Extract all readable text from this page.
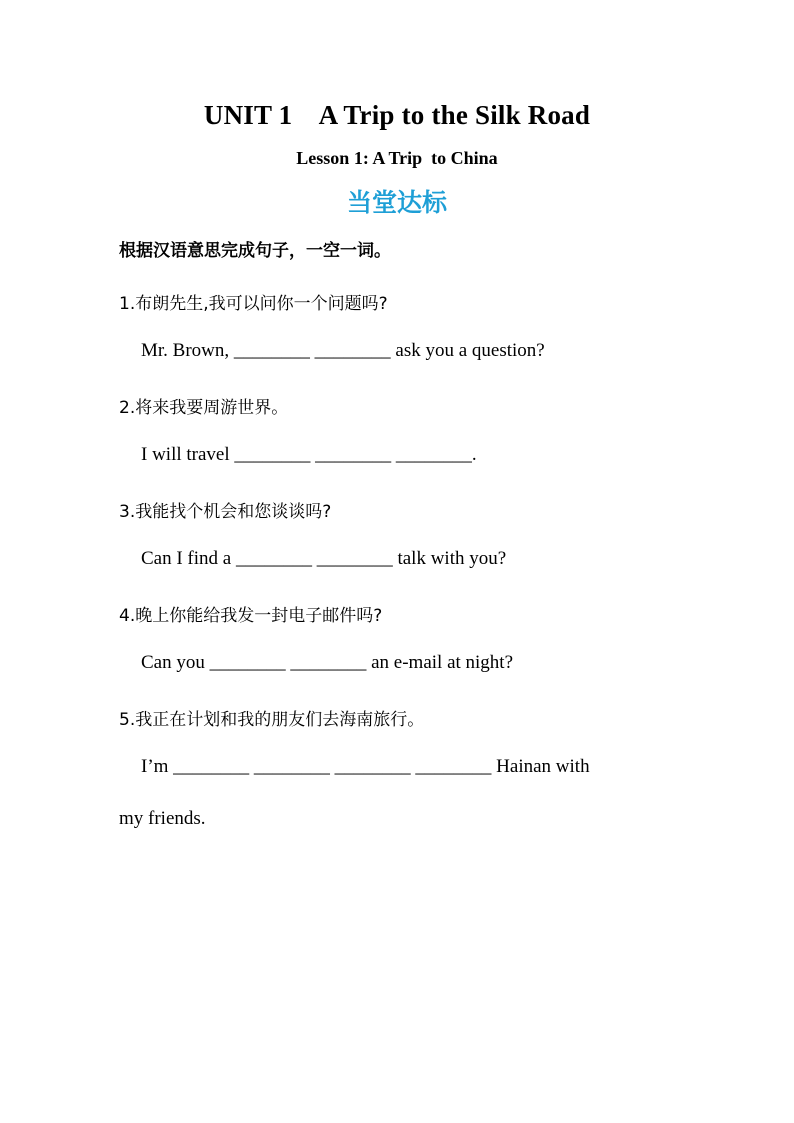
UNIT 1    A Trip to the Silk Road
Lesson 1: A Trip  to China
当堂达标
根据汉语意思完成句子，一空一词。
1.布朗先生,我可以问你一个问题吗?
Mr. Brown, ________ ________ ask you a question?
2.将来我要周游世界。
I will travel ________ ________ ________.
3.我能找个机会和您谈谈吗?
Can I find a ________ ________ talk with you?
4.晚上你能给我发一封电子邮件吗?
Can you ________ ________ an e-mail at night?
5.我正在计划和我的朋友们去海南旅行。
I’m ________ ________ ________ ________ Hainan with
my friends.
